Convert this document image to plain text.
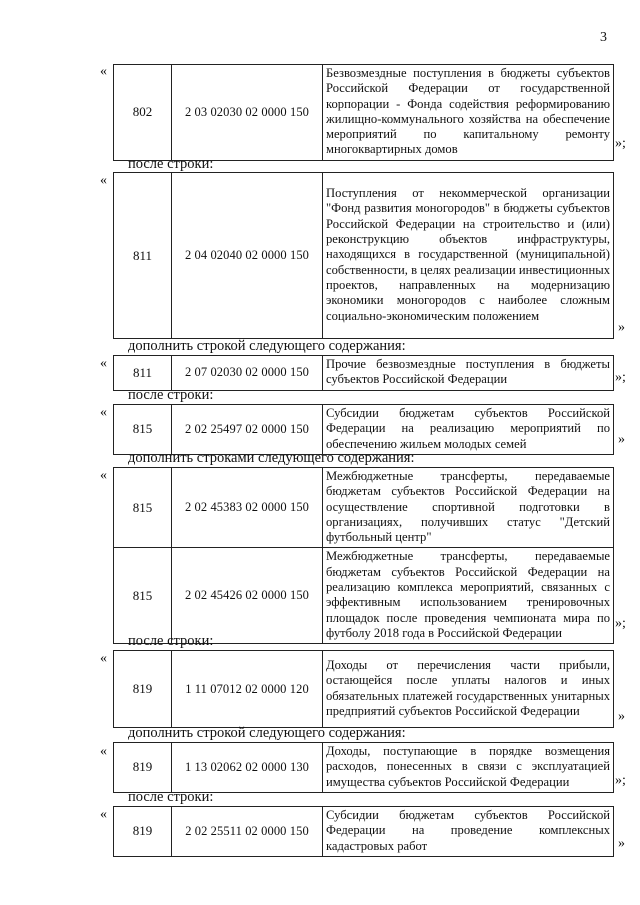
3
«
802	2 03 02030 02 0000 150	Безвозмездные поступления в бюджеты субъектов Российской Федерации от государственной корпорации - Фонда содействия реформированию жилищно-коммунального хозяйства на обеспечение мероприятий по капитальному ремонту многоквартирных домов	»;
после строки:
«
811	2 04 02040 02 0000 150	Поступления от некоммерческой организации "Фонд развития моногородов" в бюджеты субъектов Российской Федерации на строительство и (или) реконструкцию объектов инфраструктуры, находящихся в государственной (муниципальной) собственности, в целях реализации инвестиционных проектов, направленных на модернизацию экономики моногородов с наиболее сложным социально-экономическим положением
»
дополнить строкой следующего содержания:
«
811	2 07 02030 02 0000 150	Прочие безвозмездные поступления в бюджеты субъектов Российской Федерации	»;
после строки:
«
815	2 02 25497 02 0000 150	Субсидии бюджетам субъектов Российской Федерации на реализацию мероприятий по обеспечению жильем молодых семей	»
дополнить строками следующего содержания:
«
815	2 02 45383 02 0000 150	Межбюджетные трансферты, передаваемые бюджетам субъектов Российской Федерации на осуществление спортивной подготовки в организациях, получивших статус "Детский футбольный центр"
815	2 02 45426 02 0000 150	Межбюджетные трансферты, передаваемые бюджетам субъектов Российской Федерации на реализацию комплекса мероприятий, связанных с эффективным использованием тренировочных площадок после проведения чемпионата мира по футболу 2018 года в Российской Федерации
»;
после строки:
«
819	1 11 07012 02 0000 120	Доходы от перечисления части прибыли, остающейся после уплаты налогов и иных обязательных платежей государственных унитарных предприятий субъектов Российской Федерации	»
дополнить строкой следующего содержания:
«
819	1 13 02062 02 0000 130	Доходы, поступающие в порядке возмещения расходов, понесенных в связи с эксплуатацией имущества субъектов Российской Федерации	»;
после строки:
«
819	2 02 25511 02 0000 150	Субсидии бюджетам субъектов Российской Федерации на проведение комплексных кадастровых работ	»
